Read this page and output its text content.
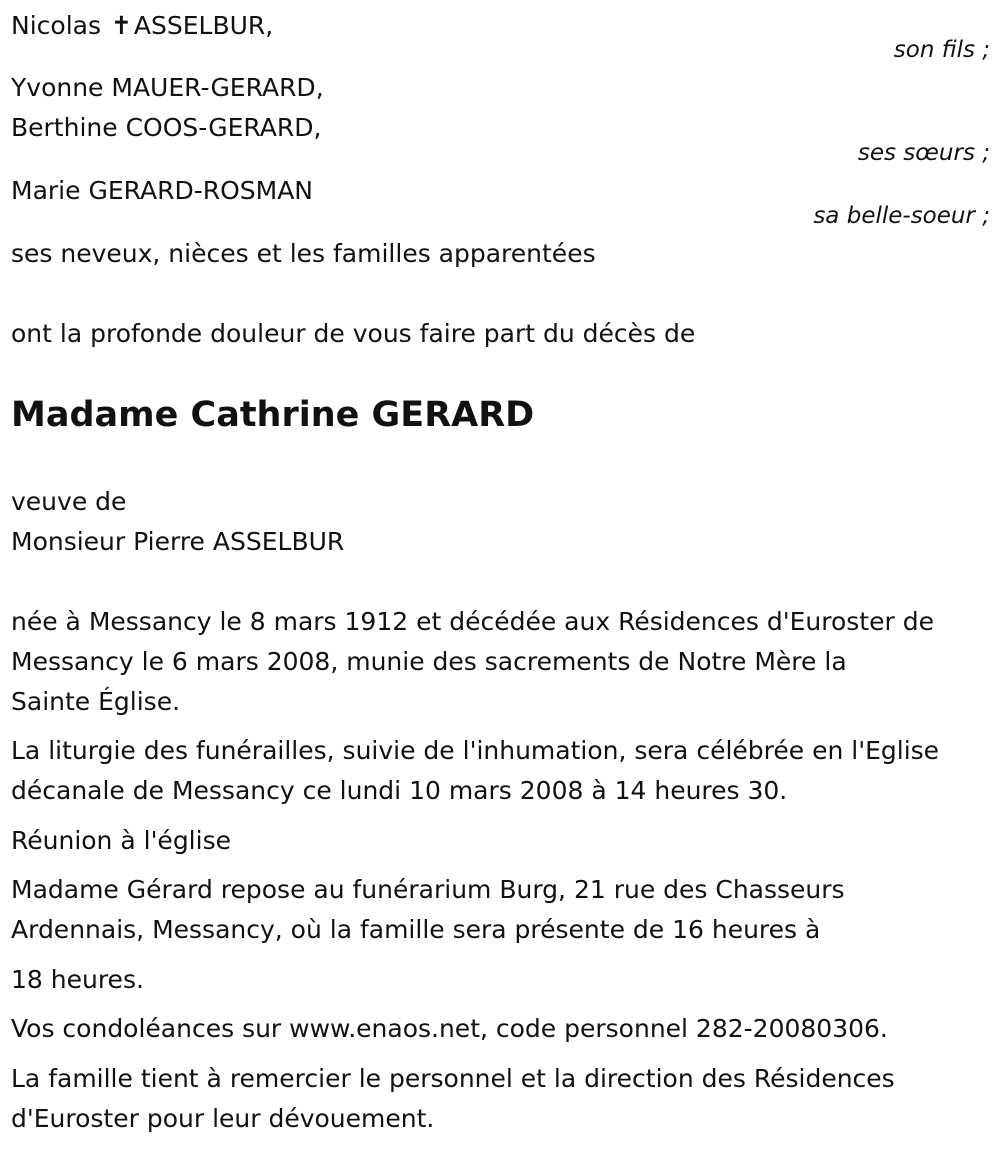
Nicolas ✝ASSELBUR,
son fils ;
Yvonne MAUER-GERARD,
Berthine COOS-GERARD,
ses sœurs ;
Marie GERARD-ROSMAN
sa belle-soeur ;
ses neveux, nièces et les familles apparentées
ont la profonde douleur de vous faire part du décès de
Madame Cathrine GERARD
veuve de
Monsieur Pierre ASSELBUR
née à Messancy le 8 mars 1912 et décédée aux Résidences d'Euroster de
Messancy le 6 mars 2008, munie des sacrements de Notre Mère la
Sainte Église.
La liturgie des funérailles, suivie de l'inhumation, sera célébrée en l'Eglise
décanale de Messancy ce lundi 10 mars 2008 à 14 heures 30.
Réunion à l'église
Madame Gérard repose au funérarium Burg, 21 rue des Chasseurs
Ardennais, Messancy, où la famille sera présente de 16 heures à
18 heures.
Vos condoléances sur www.enaos.net, code personnel 282-20080306.
La famille tient à remercier le personnel et la direction des Résidences
d'Euroster pour leur dévouement.
